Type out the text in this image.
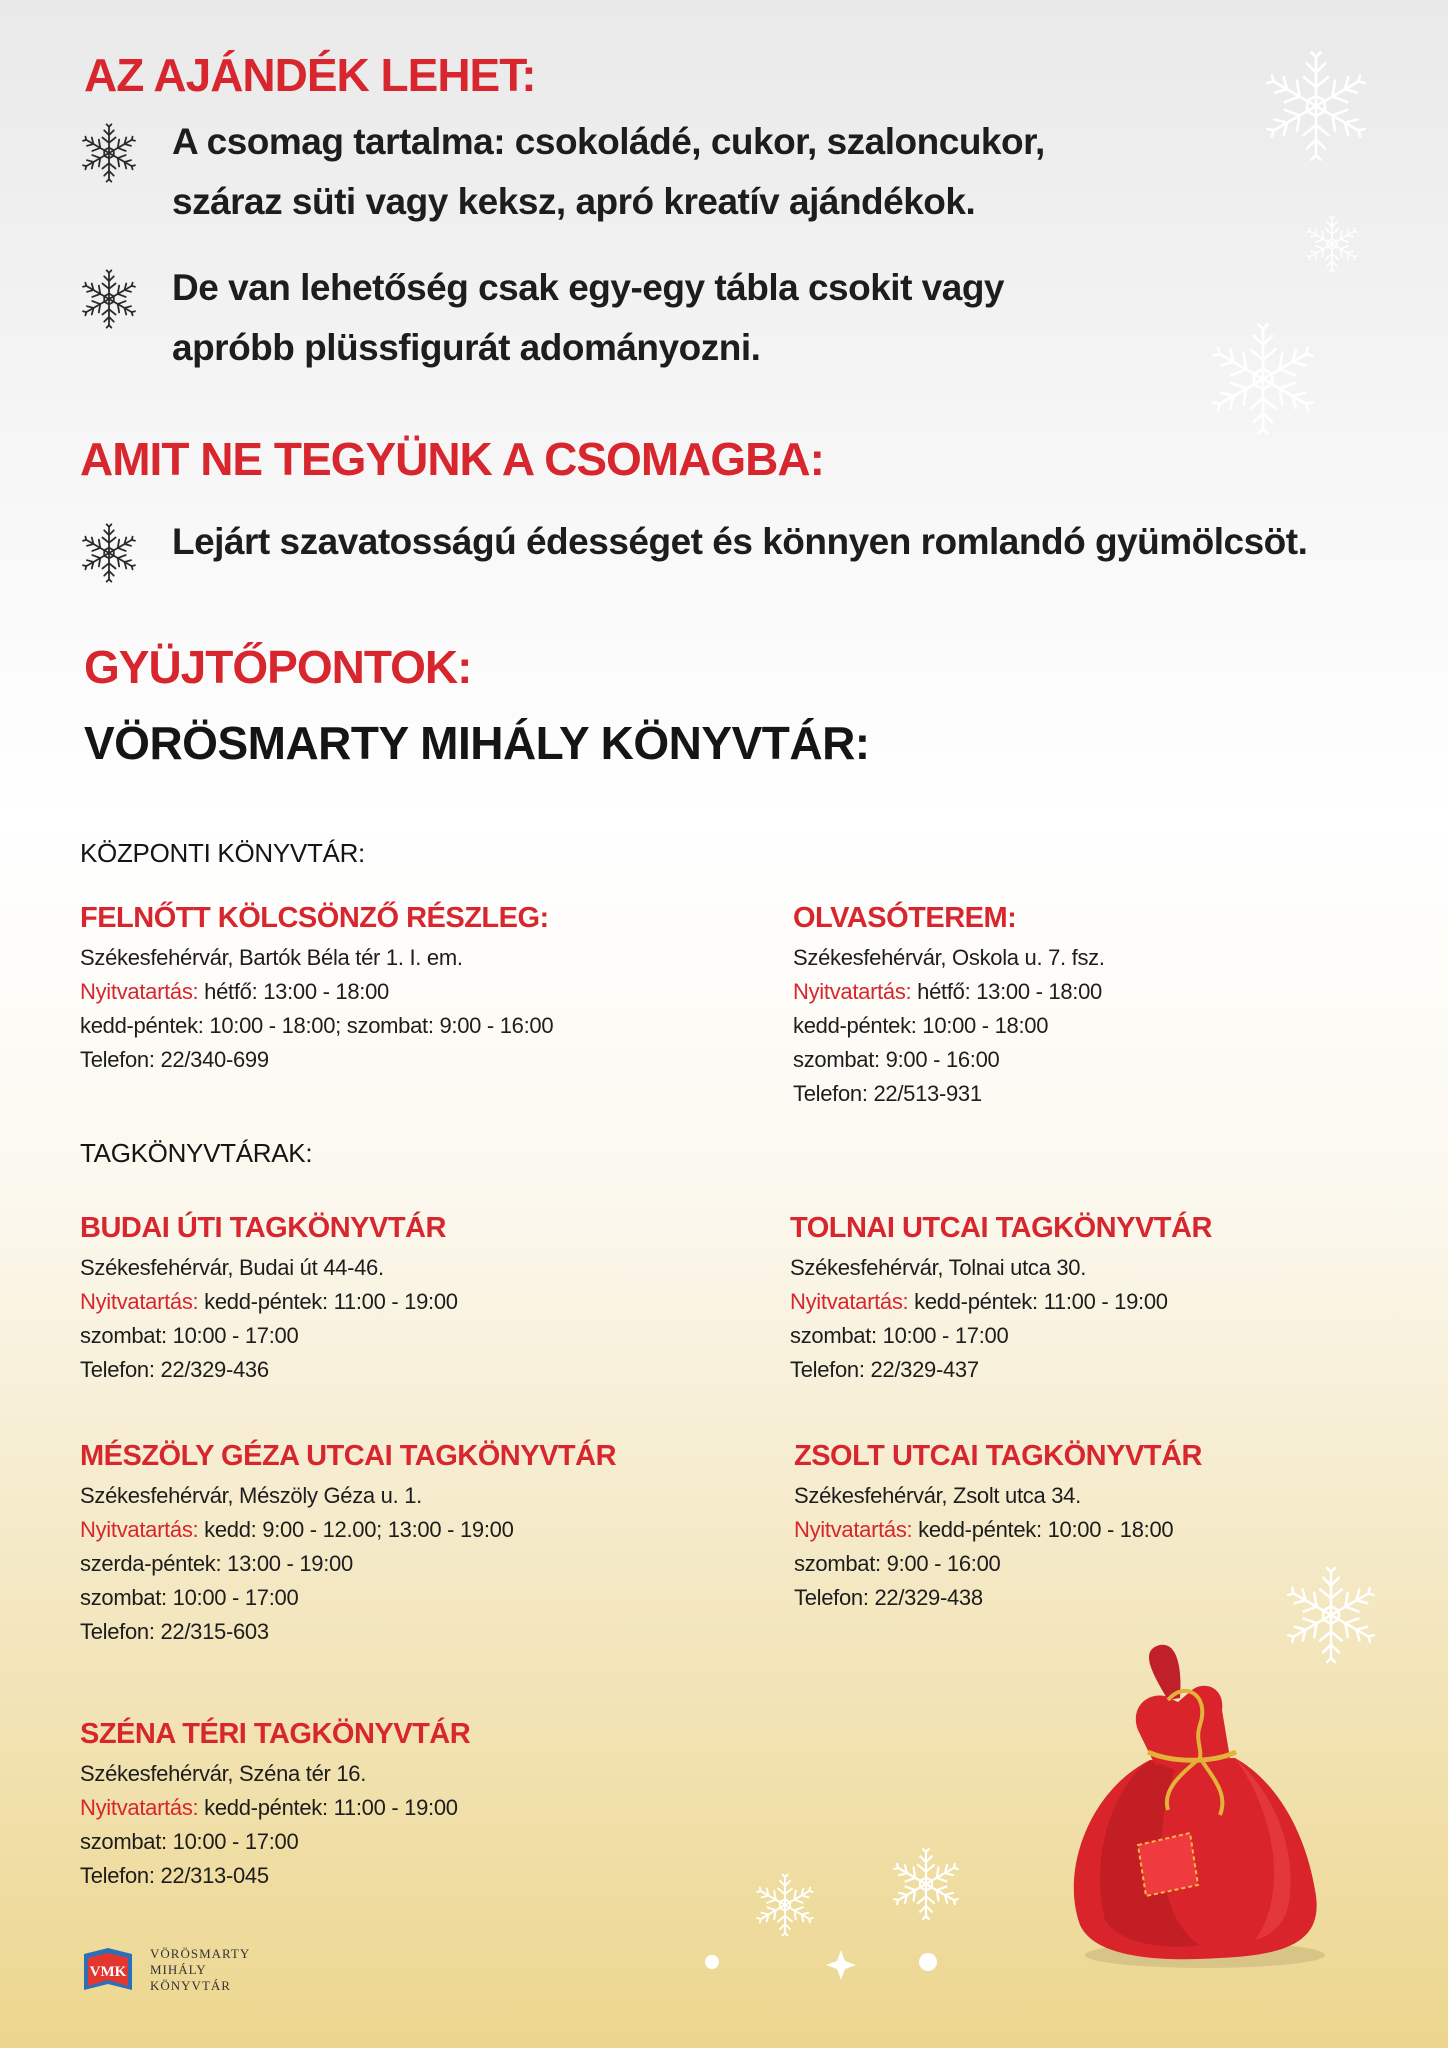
AZ AJÁNDÉK LEHET:
A csomag tartalma: csokoládé, cukor, szaloncukor,
száraz süti vagy keksz, apró kreatív ajándékok.
De van lehetőség csak egy-egy tábla csokit vagy
apróbb plüssfigurát adományozni.
AMIT NE TEGYÜNK A CSOMAGBA:
Lejárt szavatosságú édességet és könnyen romlandó gyümölcsöt.
GYÜJTŐPONTOK:
VÖRÖSMARTY MIHÁLY KÖNYVTÁR:

KÖZPONTI KÖNYVTÁR:

FELNŐTT KÖLCSÖNZŐ RÉSZLEG:
Székesfehérvár, Bartók Béla tér 1. I. em.
Nyitvatartás: hétfő: 13:00 - 18:00
kedd-péntek: 10:00 - 18:00; szombat: 9:00 - 16:00
Telefon: 22/340-699
OLVASÓTEREM:
Székesfehérvár, Oskola u. 7. fsz.
Nyitvatartás: hétfő: 13:00 - 18:00
kedd-péntek: 10:00 - 18:00
szombat: 9:00 - 16:00
Telefon: 22/513-931

TAGKÖNYVTÁRAK:

BUDAI ÚTI TAGKÖNYVTÁR
Székesfehérvár, Budai út 44-46.
Nyitvatartás: kedd-péntek: 11:00 - 19:00
szombat: 10:00 - 17:00
Telefon: 22/329-436
TOLNAI UTCAI TAGKÖNYVTÁR
Székesfehérvár, Tolnai utca 30.
Nyitvatartás: kedd-péntek: 11:00 - 19:00
szombat: 10:00 - 17:00
Telefon: 22/329-437
MÉSZÖLY GÉZA UTCAI TAGKÖNYVTÁR
Székesfehérvár, Mészöly Géza u. 1.
Nyitvatartás: kedd: 9:00 - 12.00; 13:00 - 19:00
szerda-péntek: 13:00 - 19:00
szombat: 10:00 - 17:00
Telefon: 22/315-603
ZSOLT UTCAI TAGKÖNYVTÁR
Székesfehérvár, Zsolt utca 34.
Nyitvatartás: kedd-péntek: 10:00 - 18:00
szombat: 9:00 - 16:00
Telefon: 22/329-438
SZÉNA TÉRI TAGKÖNYVTÁR
Székesfehérvár, Széna tér 16.
Nyitvatartás: kedd-péntek: 11:00 - 19:00
szombat: 10:00 - 17:00
Telefon: 22/313-045
VMK
VÖRÖSMARTY
MIHÁLY
KÖNYVTÁR
